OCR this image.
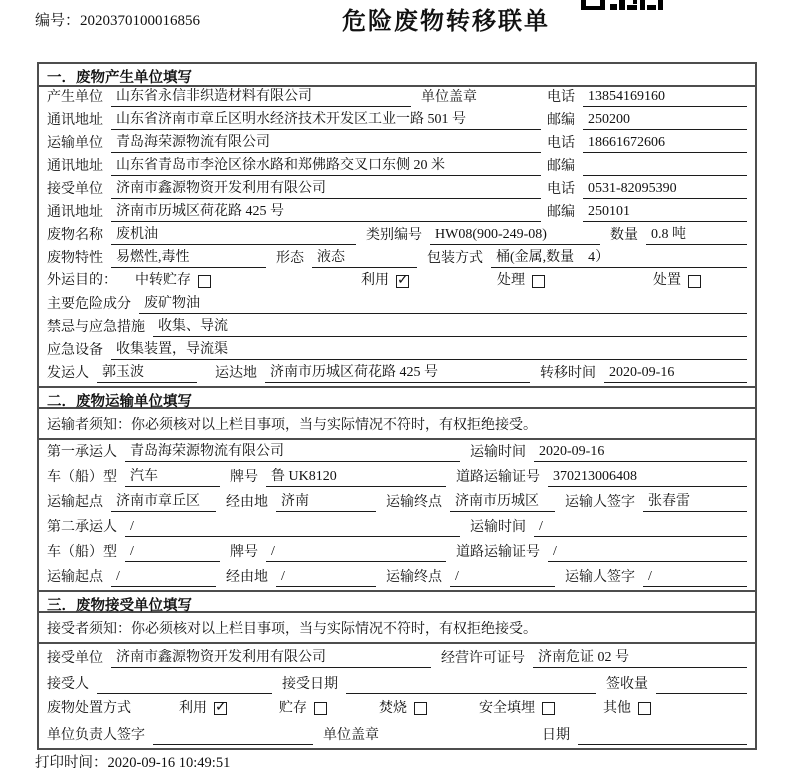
编号：2020370100016856	危险废物转移联单
一．废物产生单位填写
产生单位 山东省永信非织造材料有限公司	单位盖章	电话 13854169160
通讯地址 山东省济南市章丘区明水经济技术开发区工业一路 501 号	邮编 250200
运输单位 青岛海荣源物流有限公司	电话 18661672606
通讯地址 山东省青岛市李沧区徐水路和郑佛路交叉口东侧 20 米	邮编
接受单位 济南市鑫源物资开发利用有限公司	电话 0531-82095390
通讯地址 济南市历城区荷花路 425 号	邮编 250101
废物名称 废机油	类别编号 HW08(900-249-08)	数量 0.8 吨
废物特性 易燃性,毒性	形态 液态	包装方式 桶(金属,数量　4）
外运目的： 中转贮存	利用 ✓	处理	处置
主要危险成分 废矿物油
禁忌与应急措施 收集、导流
应急设备 收集装置，导流渠
发运人 郭玉波	运达地 济南市历城区荷花路 425 号	转移时间 2020-09-16
二．废物运输单位填写
运输者须知：你必须核对以上栏目事项，当与实际情况不符时，有权拒绝接受。
第一承运人 青岛海荣源物流有限公司	运输时间 2020-09-16
车（船）型 汽车	牌号 鲁 UK8120	道路运输证号 370213006408
运输起点 济南市章丘区	经由地 济南	运输终点 济南市历城区	运输人签字 张春雷
第二承运人 /	运输时间 /
车（船）型 /	牌号 /	道路运输证号 /
运输起点 /	经由地 /	运输终点 /	运输人签字 /
三．废物接受单位填写
接受者须知：你必须核对以上栏目事项，当与实际情况不符时，有权拒绝接受。
接受单位 济南市鑫源物资开发利用有限公司	经营许可证号 济南危证 02 号
接受人	接受日期	签收量
废物处置方式	利用 ✓	贮存	焚烧	安全填埋	其他
单位负责人签字	单位盖章	日期
打印时间：2020-09-16 10:49:51
